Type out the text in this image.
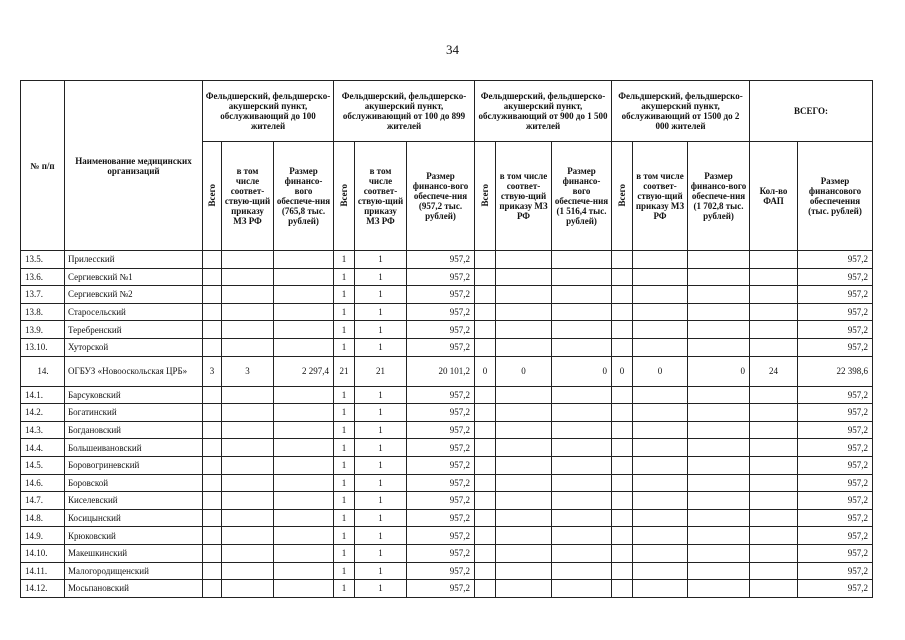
34
№ п/п	Наименование медицинских организаций	Фельдшерский, фельдшерско-акушерский пункт, обслуживающий до 100 жителей			Фельдшерский, фельдшерско-акушерский пункт, обслуживающий от 100 до 899 жителей			Фельдшерский, фельдшерско-акушерский пункт, обслуживающий от 900 до 1 500 жителей			Фельдшерский, фельдшерско-акушерский пункт, обслуживающий от 1500 до 2 000 жителей			ВСЕГО:	
		Всего	в том числе соответ-ствую-щий приказу МЗ РФ	Размер финансо-вого обеспече-ния (765,8 тыс. рублей)	Всего	в том числе соответ-ствую-щий приказу МЗ РФ	Размер финансо-вого обеспече-ния (957,2 тыс. рублей)	Всего	в том числе соответ-ствую-щий приказу МЗ РФ	Размер финансо-вого обеспече-ния (1 516,4 тыс. рублей)	Всего	в том числе соответ-ствую-щий приказу МЗ РФ	Размер финансо-вого обеспече-ния (1 702,8 тыс. рублей)	Кол-во ФАП	Размер финансового обеспечения (тыс. рублей)
13.5.	Прилесский				1	1	957,2								957,2
13.6.	Сергиевский №1				1	1	957,2								957,2
13.7.	Сергиевский №2				1	1	957,2								957,2
13.8.	Старосельский				1	1	957,2								957,2
13.9.	Теребренский				1	1	957,2								957,2
13.10.	Хуторской				1	1	957,2								957,2
14.	ОГБУЗ «Новооскольская ЦРБ»	3	3	2 297,4	21	21	20 101,2	0	0	0	0	0	0	24	22 398,6
14.1.	Барсуковский				1	1	957,2								957,2
14.2.	Богатинский				1	1	957,2								957,2
14.3.	Богдановский				1	1	957,2								957,2
14.4.	Большеивановский				1	1	957,2								957,2
14.5.	Боровогриневский				1	1	957,2								957,2
14.6.	Боровской				1	1	957,2								957,2
14.7.	Киселевский				1	1	957,2								957,2
14.8.	Косицынский				1	1	957,2								957,2
14.9.	Крюковский				1	1	957,2								957,2
14.10.	Макешкинский				1	1	957,2								957,2
14.11.	Малогородищенский				1	1	957,2								957,2
14.12.	Мосьпановский				1	1	957,2								957,2
